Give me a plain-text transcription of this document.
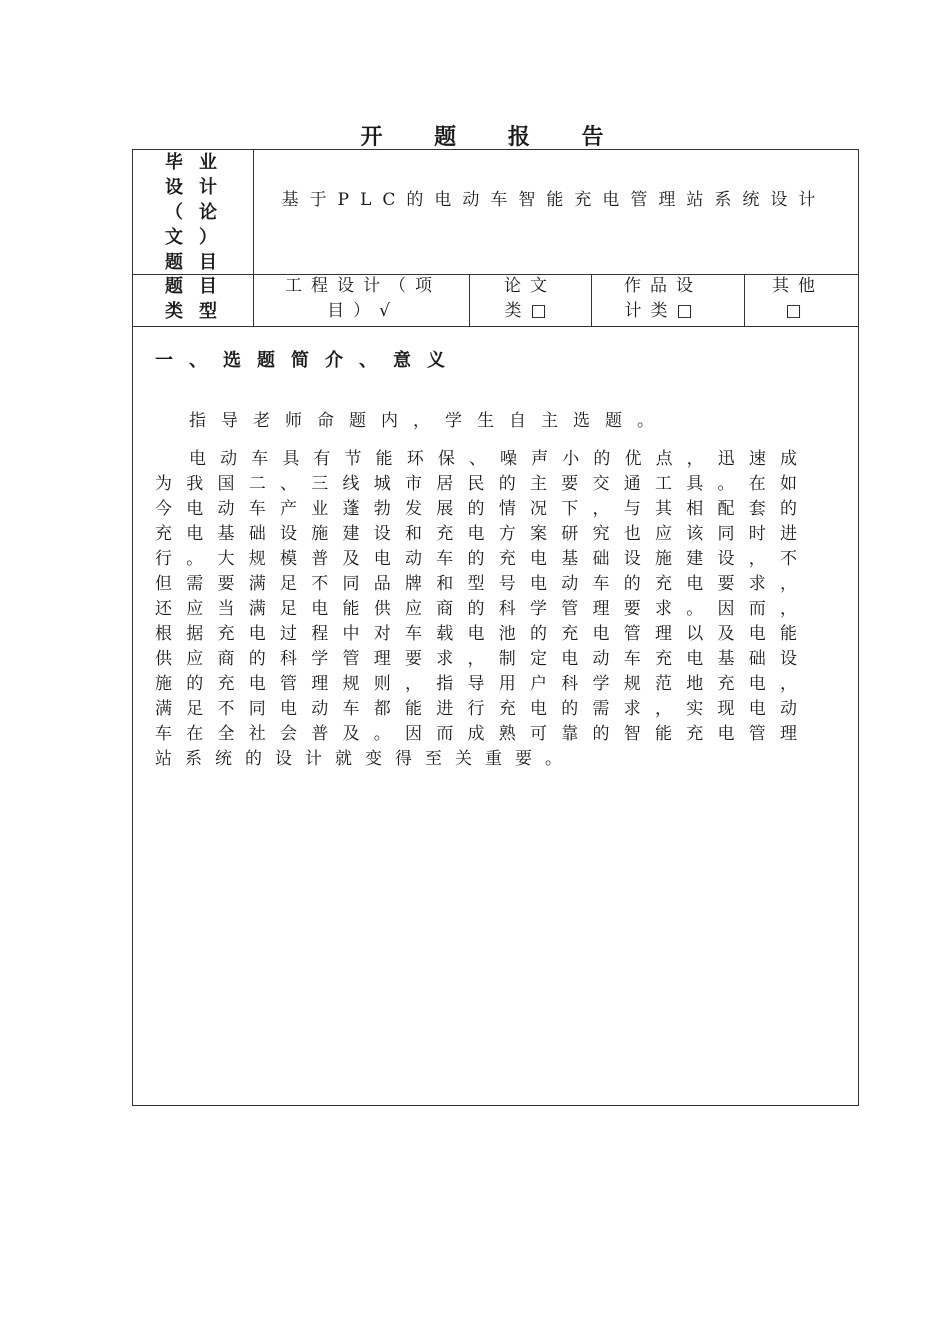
开 题 报 告
毕业设计（论文）题目
基于PLC的电动车智能充电管理站系统设计
题目类型
工程设计（项目）√
论文类□
作品设计类□
其他□
一、选题简介、意义
指导老师命题内，学生自主选题。
电动车具有节能环保、噪声小的优点，迅速成为我国二、三线城市居民的主要交通工具。在如今电动车产业蓬勃发展的情况下，与其相配套的充电基础设施建设和充电方案研究也应该同时进行。大规模普及电动车的充电基础设施建设，不但需要满足不同品牌和型号电动车的充电要求，还应当满足电能供应商的科学管理要求。因而，根据充电过程中对车载电池的充电管理以及电能供应商的科学管理要求，制定电动车充电基础设施的充电管理规则，指导用户科学规范地充电，满足不同电动车都能进行充电的需求，实现电动车在全社会普及。因而成熟可靠的智能充电管理站系统的设计就变得至关重要。
